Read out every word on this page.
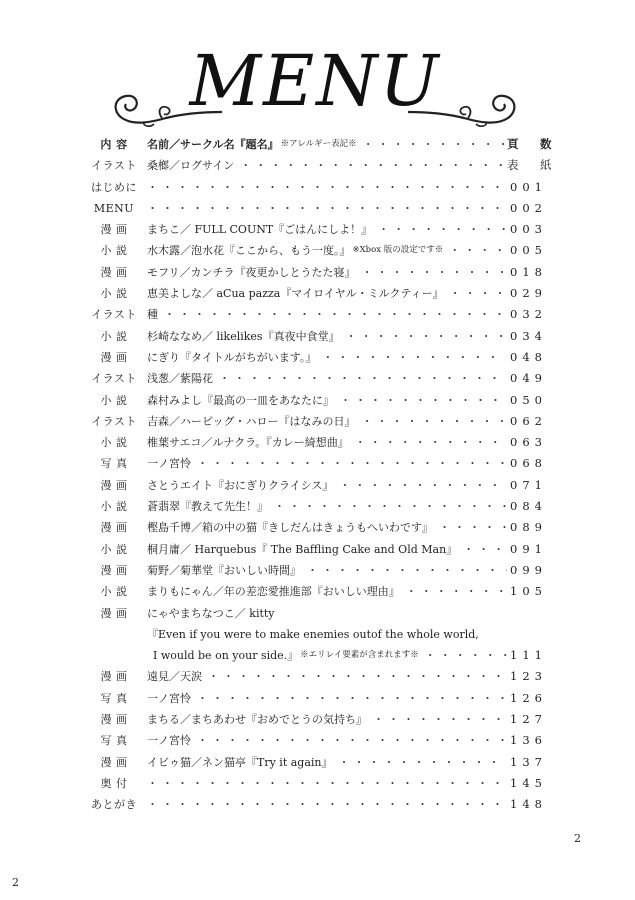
MENU
内 容	名前／サークル名『題名』 ※アレルギー表記※ ・・・・・・・・・・・・・・・・・・・・・・・・・・・・・・・・・・・・・・・・・・・・・・・・・・・・・・・・・	頁　数
イラスト 桑榔／ログサイン ・・・・・・・・・・・・・・・・・・・・・・・・・・・・・・・・・・・・・・・・・・・・・・・・・・・・・・・・・	表　紙
はじめに ・・・・・・・・・・・・・・・・・・・・・・・・・・・・・・・・・・・・・・・・・・・・・・・・・・・・・・・・・	001
MENU ・・・・・・・・・・・・・・・・・・・・・・・・・・・・・・・・・・・・・・・・・・・・・・・・・・・・・・・・・	002
漫 画	まちこ／ FULL COUNT『ごはんにしよ！』 ・・・・・・・・・・・・・・・・・・・・・・・・・・・・・・・・・・・・・・・・・・・・・・・・・・・・・・・・・	003
小 説	水木露／泡水花『ここから、もう一度。』 ※Xbox 版の設定です※ ・・・・・・・・・・・・・・・・・・・・・・・・・・・・・・・・・・・・・・・・・・・・・・・・・・・・・・・・・	005
漫 画	モフリ／カンチラ『夜更かしとうたた寝』 ・・・・・・・・・・・・・・・・・・・・・・・・・・・・・・・・・・・・・・・・・・・・・・・・・・・・・・・・・	018
小 説	恵美よしな／ aCua pazza『マイロイヤル・ミルクティー』 ・・・・・・・・・・・・・・・・・・・・・・・・・・・・・・・・・・・・・・・・・・・・・・・・・・・・・・・・・	029
イラスト 種 ・・・・・・・・・・・・・・・・・・・・・・・・・・・・・・・・・・・・・・・・・・・・・・・・・・・・・・・・・	032
小 説	杉崎ななめ／ likelikes『真夜中食堂』 ・・・・・・・・・・・・・・・・・・・・・・・・・・・・・・・・・・・・・・・・・・・・・・・・・・・・・・・・・	034
漫 画	にぎり『タイトルがちがいます。』 ・・・・・・・・・・・・・・・・・・・・・・・・・・・・・・・・・・・・・・・・・・・・・・・・・・・・・・・・・	048
イラスト 浅葱／紫陽花 ・・・・・・・・・・・・・・・・・・・・・・・・・・・・・・・・・・・・・・・・・・・・・・・・・・・・・・・・・	049
小 説	森村みよし『最高の一皿をあなたに』 ・・・・・・・・・・・・・・・・・・・・・・・・・・・・・・・・・・・・・・・・・・・・・・・・・・・・・・・・・	050
イラスト 吉森／ハーピッグ・ハロー『はなみの日』 ・・・・・・・・・・・・・・・・・・・・・・・・・・・・・・・・・・・・・・・・・・・・・・・・・・・・・・・・・	062
小 説	椎葉サエコ／ルナクラ。『カレー綺想曲』 ・・・・・・・・・・・・・・・・・・・・・・・・・・・・・・・・・・・・・・・・・・・・・・・・・・・・・・・・・	063
写 真	一ノ宮怜 ・・・・・・・・・・・・・・・・・・・・・・・・・・・・・・・・・・・・・・・・・・・・・・・・・・・・・・・・・	068
漫 画	さとうエイト『おにぎりクライシス』 ・・・・・・・・・・・・・・・・・・・・・・・・・・・・・・・・・・・・・・・・・・・・・・・・・・・・・・・・・	071
小 説	蒼翡翠『教えて先生！』 ・・・・・・・・・・・・・・・・・・・・・・・・・・・・・・・・・・・・・・・・・・・・・・・・・・・・・・・・・	084
漫 画	樫島千博／箱の中の猫『きしだんはきょうもへいわです』 ・・・・・・・・・・・・・・・・・・・・・・・・・・・・・・・・・・・・・・・・・・・・・・・・・・・・・・・・・	089
小 説	桐月庸／ Harquebus『 The Baffling Cake and Old Man』 ・・・・・・・・・・・・・・・・・・・・・・・・・・・・・・・・・・・・・・・・・・・・・・・・・・・・・・・・・	091
漫 画	菊野／菊華堂『おいしい時間』 ・・・・・・・・・・・・・・・・・・・・・・・・・・・・・・・・・・・・・・・・・・・・・・・・・・・・・・・・・	099
小 説	まりもにゃん／年の差恋愛推進部『おいしい理由』 ・・・・・・・・・・・・・・・・・・・・・・・・・・・・・・・・・・・・・・・・・・・・・・・・・・・・・・・・・	105
漫 画	にゃやまちなつこ／ kitty
『Even if you were to make enemies outof the whole world,
I would be on your side.』 ※エリレイ要素が含まれます※ ・・・・・・・・・・・・・・・・・・・・・・・・・・・・・・・・・・・・・・・・・・・・・・・・・・・・・・・・・	111
漫 画	遠見／天涙 ・・・・・・・・・・・・・・・・・・・・・・・・・・・・・・・・・・・・・・・・・・・・・・・・・・・・・・・・・	123
写 真	一ノ宮怜 ・・・・・・・・・・・・・・・・・・・・・・・・・・・・・・・・・・・・・・・・・・・・・・・・・・・・・・・・・	126
漫 画	まちる／まちあわせ『おめでとうの気持ち』 ・・・・・・・・・・・・・・・・・・・・・・・・・・・・・・・・・・・・・・・・・・・・・・・・・・・・・・・・・	127
写 真	一ノ宮怜 ・・・・・・・・・・・・・・・・・・・・・・・・・・・・・・・・・・・・・・・・・・・・・・・・・・・・・・・・・	136
漫 画	イビゥ猫／ネン猫亭『Try it again』 ・・・・・・・・・・・・・・・・・・・・・・・・・・・・・・・・・・・・・・・・・・・・・・・・・・・・・・・・・	137
奥 付 ・・・・・・・・・・・・・・・・・・・・・・・・・・・・・・・・・・・・・・・・・・・・・・・・・・・・・・・・・	145
あとがき ・・・・・・・・・・・・・・・・・・・・・・・・・・・・・・・・・・・・・・・・・・・・・・・・・・・・・・・・・	148
2
2
